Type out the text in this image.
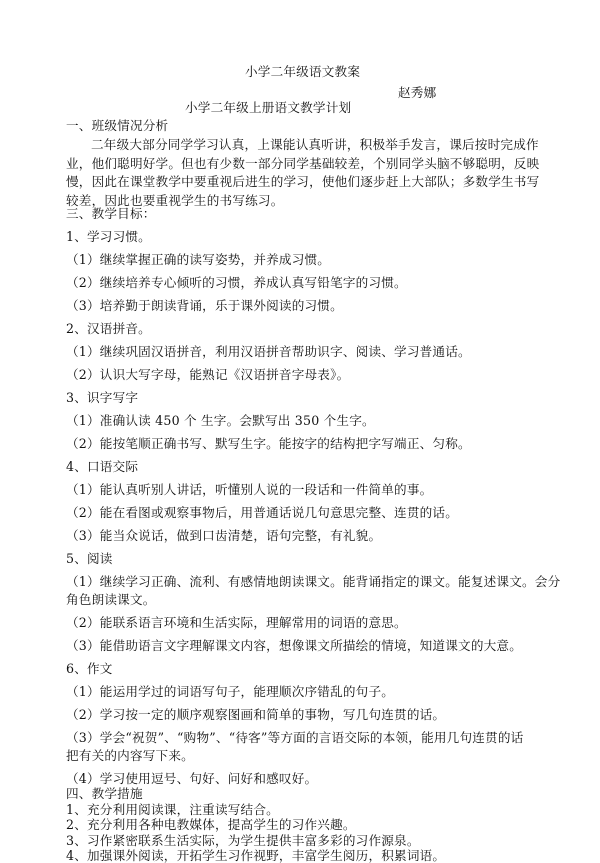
小学二年级语文教案
赵秀娜
小学二年级上册语文教学计划
一、班级情况分析
二年级大部分同学学习认真，上课能认真听讲，积极举手发言，课后按时完成作业，他们聪明好学。但也有少数一部分同学基础较差，个别同学头脑不够聪明，反映慢，因此在课堂教学中要重视后进生的学习，使他们逐步赶上大部队；多数学生书写较差，因此也要重视学生的书写练习。
三、教学目标：
1、学习习惯。
（1）继续掌握正确的读写姿势，并养成习惯。
（2）继续培养专心倾听的习惯，养成认真写铅笔字的习惯。
（3）培养勤于朗读背诵，乐于课外阅读的习惯。
2、汉语拼音。
（1）继续巩固汉语拼音，利用汉语拼音帮助识字、阅读、学习普通话。
（2）认识大写字母，能熟记《汉语拼音字母表》。
3、识字写字
（1）准确认读 450 个 生字。会默写出 350 个生字。
（2）能按笔顺正确书写、默写生字。能按字的结构把字写端正、匀称。
4、口语交际
（1）能认真听别人讲话，听懂别人说的一段话和一件简单的事。
（2）能在看图或观察事物后，用普通话说几句意思完整、连贯的话。
（3）能当众说话，做到口齿清楚，语句完整，有礼貌。
5、阅读
（1）继续学习正确、流利、有感情地朗读课文。能背诵指定的课文。能复述课文。会分
角色朗读课文。
（2）能联系语言环境和生活实际，理解常用的词语的意思。
（3）能借助语言文字理解课文内容，想像课文所描绘的情境，知道课文的大意。
6、作文
（1）能运用学过的词语写句子，能理顺次序错乱的句子。
（2）学习按一定的顺序观察图画和简单的事物，写几句连贯的话。
（3）学会“祝贺”、“购物”、“待客”等方面的言语交际的本领，能用几句连贯的话
把有关的内容写下来。
（4）学习使用逗号、句好、问好和感叹好。
四、教学措施
1、充分利用阅读课，注重读写结合。
2、充分利用各种电教媒体，提高学生的习作兴趣。
3、习作紧密联系生活实际，为学生提供丰富多彩的习作源泉。
4、加强课外阅读，开拓学生习作视野，丰富学生阅历，积累词语。
